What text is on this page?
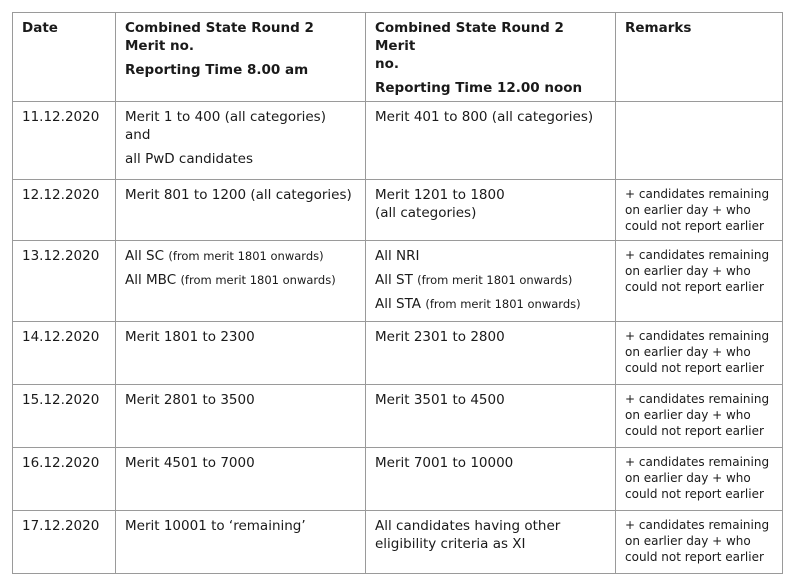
Date	Combined State Round 2
Merit no.
Reporting Time 8.00 am	Combined State Round 2 Merit
no.
Reporting Time 12.00 noon	Remarks
11.12.2020	Merit 1 to 400 (all categories)
and
all PwD candidates	Merit 401 to 800 (all categories)	

12.12.2020	Merit 801 to 1200 (all categories)	Merit 1201 to 1800
(all categories)	+ candidates remaining
on earlier day + who
could not report earlier

13.12.2020	All SC (from merit 1801 onwards)
All MBC (from merit 1801 onwards)	All NRI
All ST (from merit 1801 onwards)
All STA (from merit 1801 onwards)	+ candidates remaining
on earlier day + who
could not report earlier

14.12.2020	Merit 1801 to 2300	Merit 2301 to 2800	+ candidates remaining
on earlier day + who
could not report earlier

15.12.2020	Merit 2801 to 3500	Merit 3501 to 4500	+ candidates remaining
on earlier day + who
could not report earlier

16.12.2020	Merit 4501 to 7000	Merit 7001 to 10000	+ candidates remaining
on earlier day + who
could not report earlier

17.12.2020	Merit 10001 to ‘remaining’	All candidates having other
eligibility criteria as XI	+ candidates remaining
on earlier day + who
could not report earlier
